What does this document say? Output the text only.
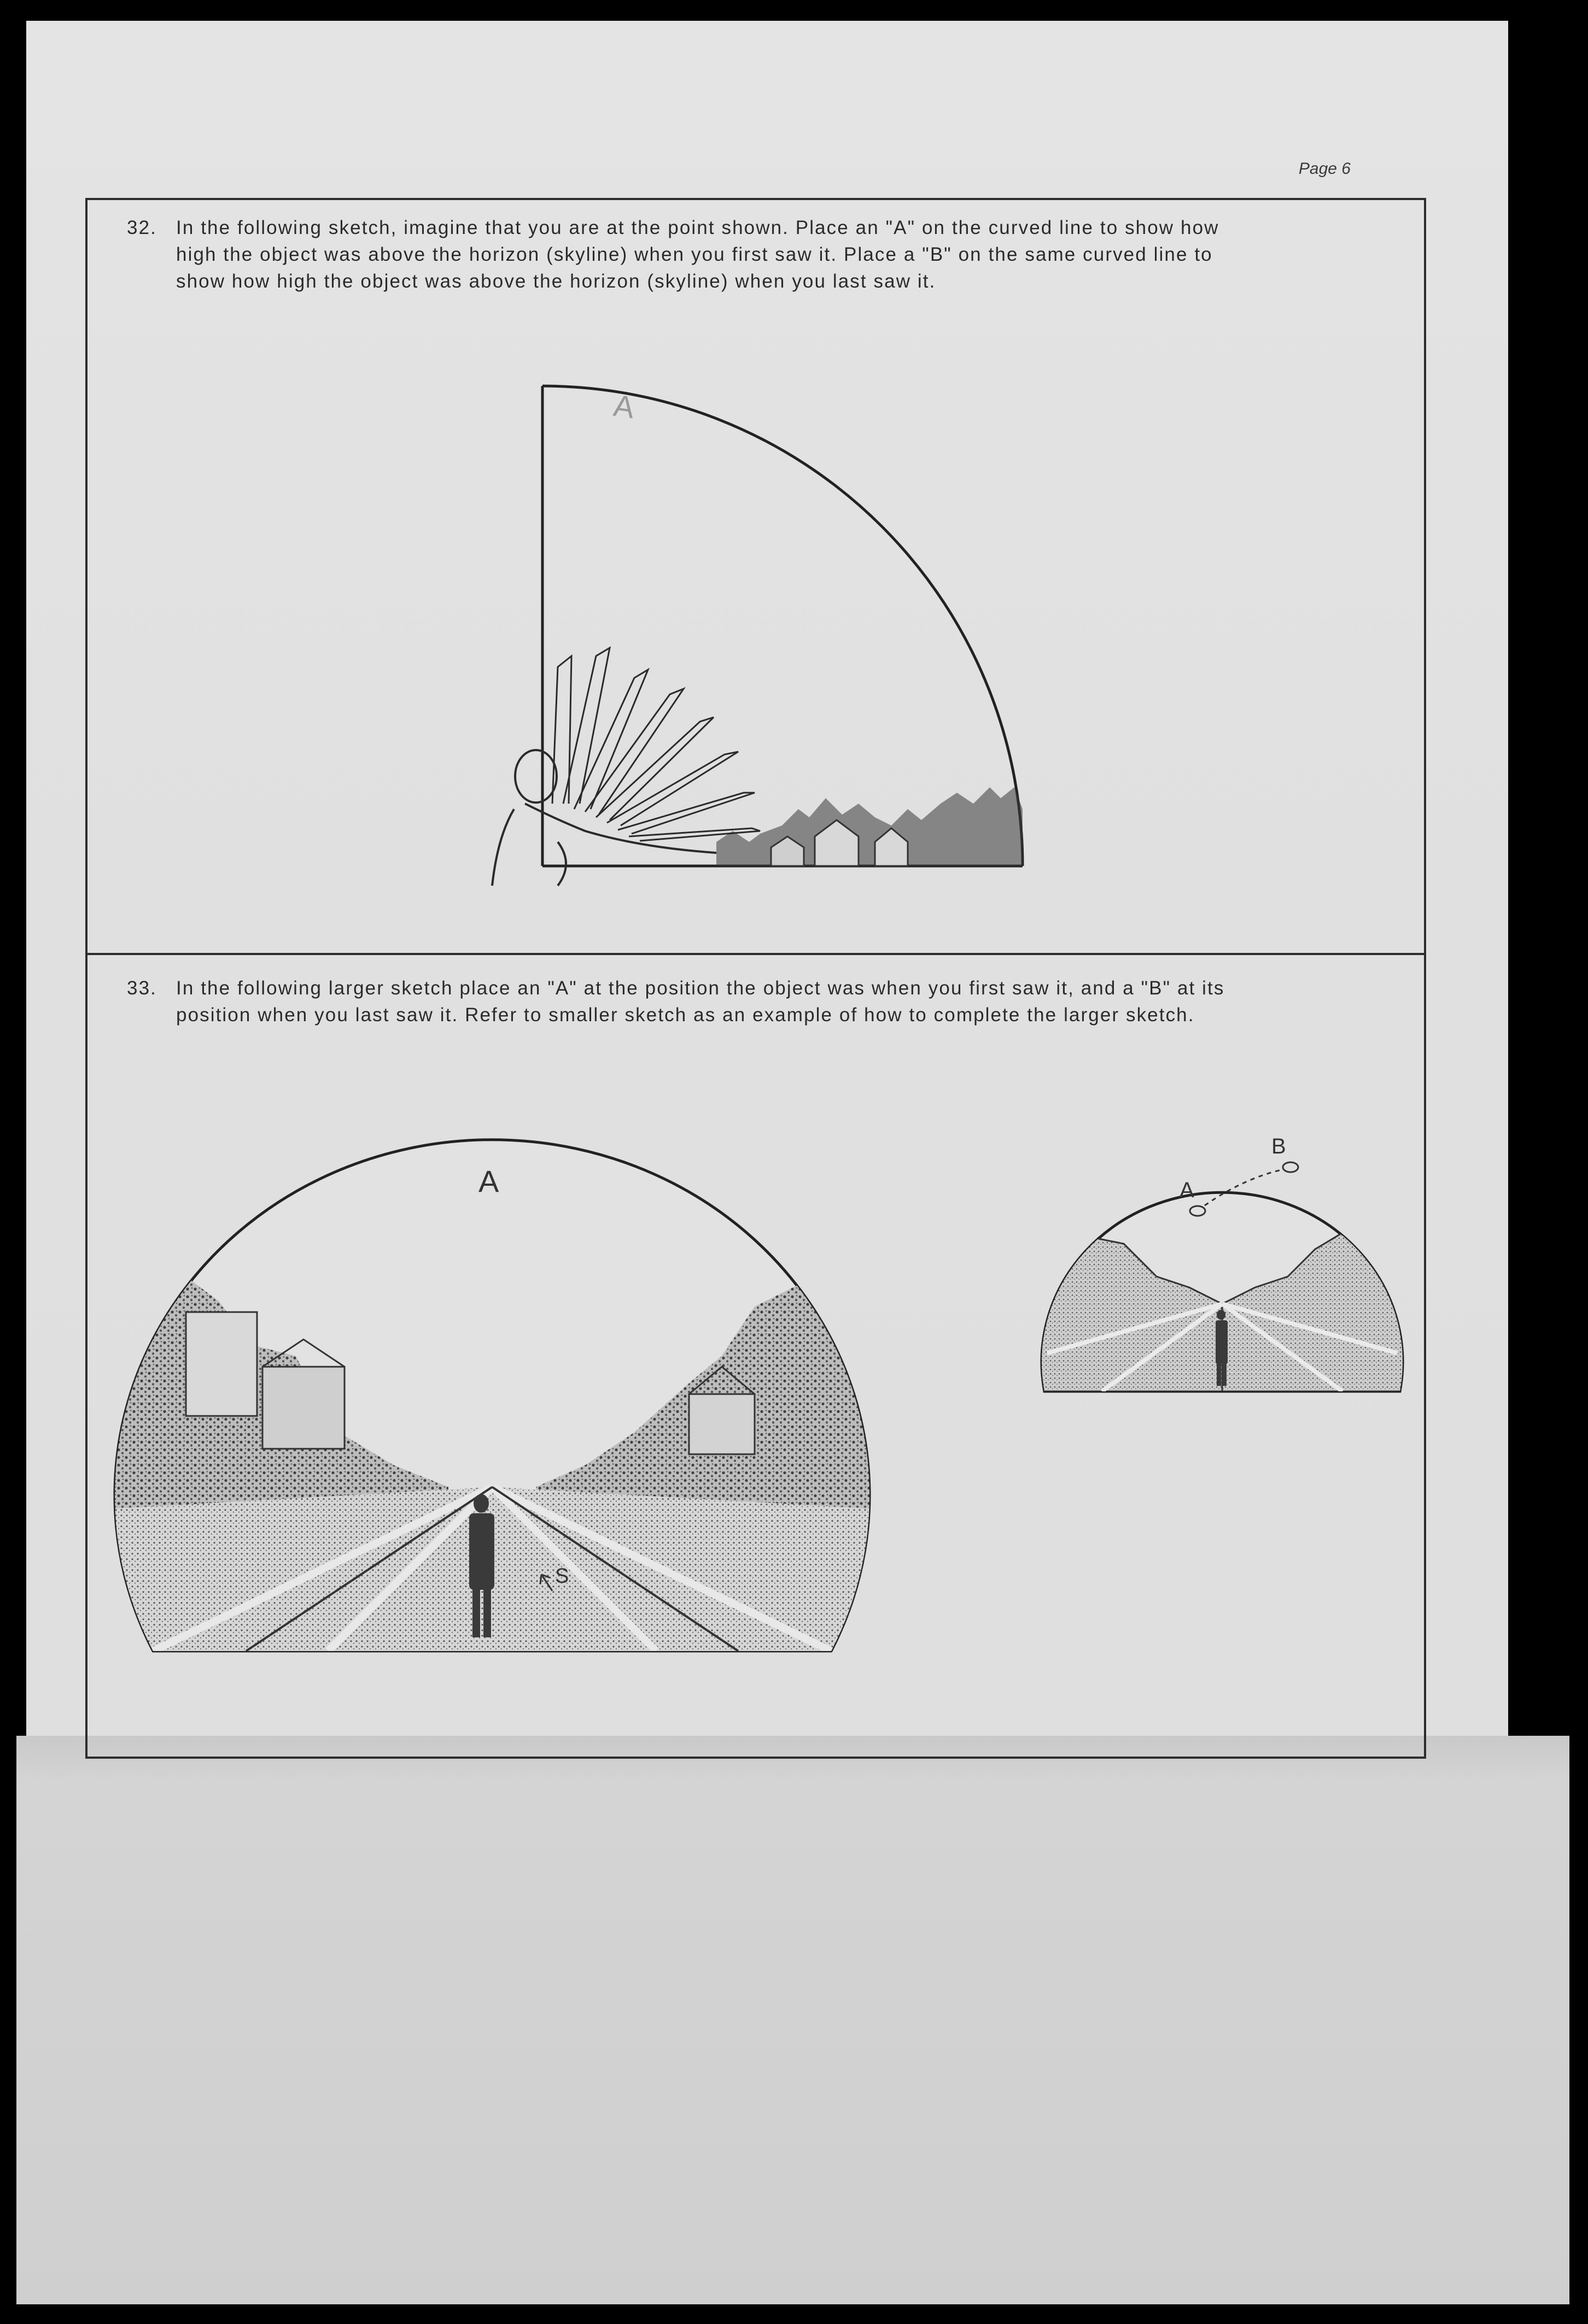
Page 6
32. In the following sketch, imagine that you are at the point shown. Place an "A" on the curved line to show how
high the object was above the horizon (skyline) when you first saw it. Place a "B" on the same curved line to
show how high the object was above the horizon (skyline) when you last saw it.
A
33. In the following larger sketch place an "A" at the position the object was when you first saw it, and a "B" at its
position when you last saw it. Refer to smaller sketch as an example of how to complete the larger sketch.
S
A	A
B
